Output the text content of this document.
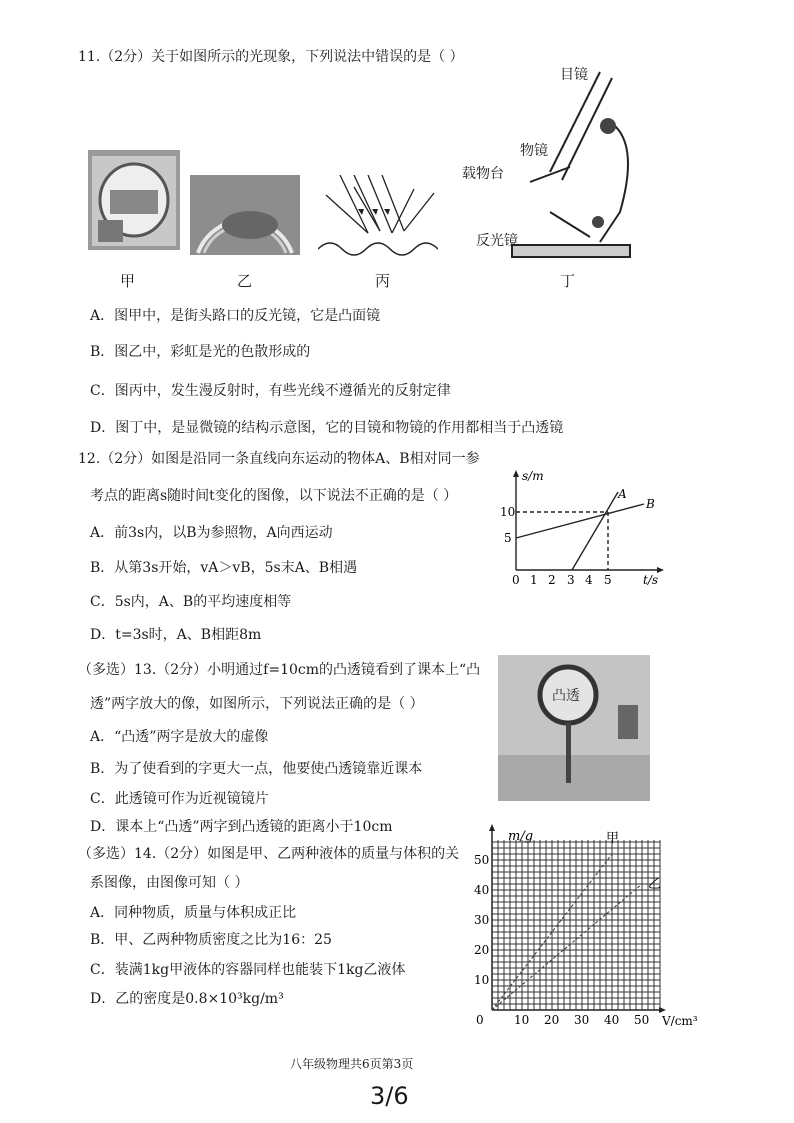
11.（2分）关于如图所示的光现象，下列说法中错误的是（ ）
目镜
物镜
载物台
反光镜
甲	乙	丙	丁
A．图甲中，是街头路口的反光镜，它是凸面镜
B．图乙中，彩虹是光的色散形成的
C．图丙中，发生漫反射时，有些光线不遵循光的反射定律
D．图丁中，是显微镜的结构示意图，它的目镜和物镜的作用都相当于凸透镜
12.（2分）如图是沿同一条直线向东运动的物体A、B相对同一参
考点的距离s随时间t变化的图像，以下说法不正确的是（ ）
A．前3s内，以B为参照物，A向西运动
B．从第3s开始，vA＞vB，5s末A、B相遇
C．5s内，A、B的平均速度相等
D．t=3s时，A、B相距8m
s/m
t/s
10
5
A
B
0 1 2 3 4 5
（多选）13.（2分）小明通过f=10cm的凸透镜看到了课本上“凸
透”两字放大的像，如图所示，下列说法正确的是（ ）
A．“凸透”两字是放大的虚像
B．为了使看到的字更大一点，他要使凸透镜靠近课本
C．此透镜可作为近视镜镜片
D．课本上“凸透”两字到凸透镜的距离小于10cm
凸透
（多选）14.（2分）如图是甲、乙两种液体的质量与体积的关
系图像，由图像可知（ ）
A．同种物质，质量与体积成正比
B．甲、乙两种物质密度之比为16：25
C．装满1kg甲液体的容器同样也能装下1kg乙液体
D．乙的密度是0.8×10³kg/m³
m/g
V/cm³
甲
乙
0
10
20
30
40
50
10 20 30 40 50
八年级物理共6页第3页
3/6
